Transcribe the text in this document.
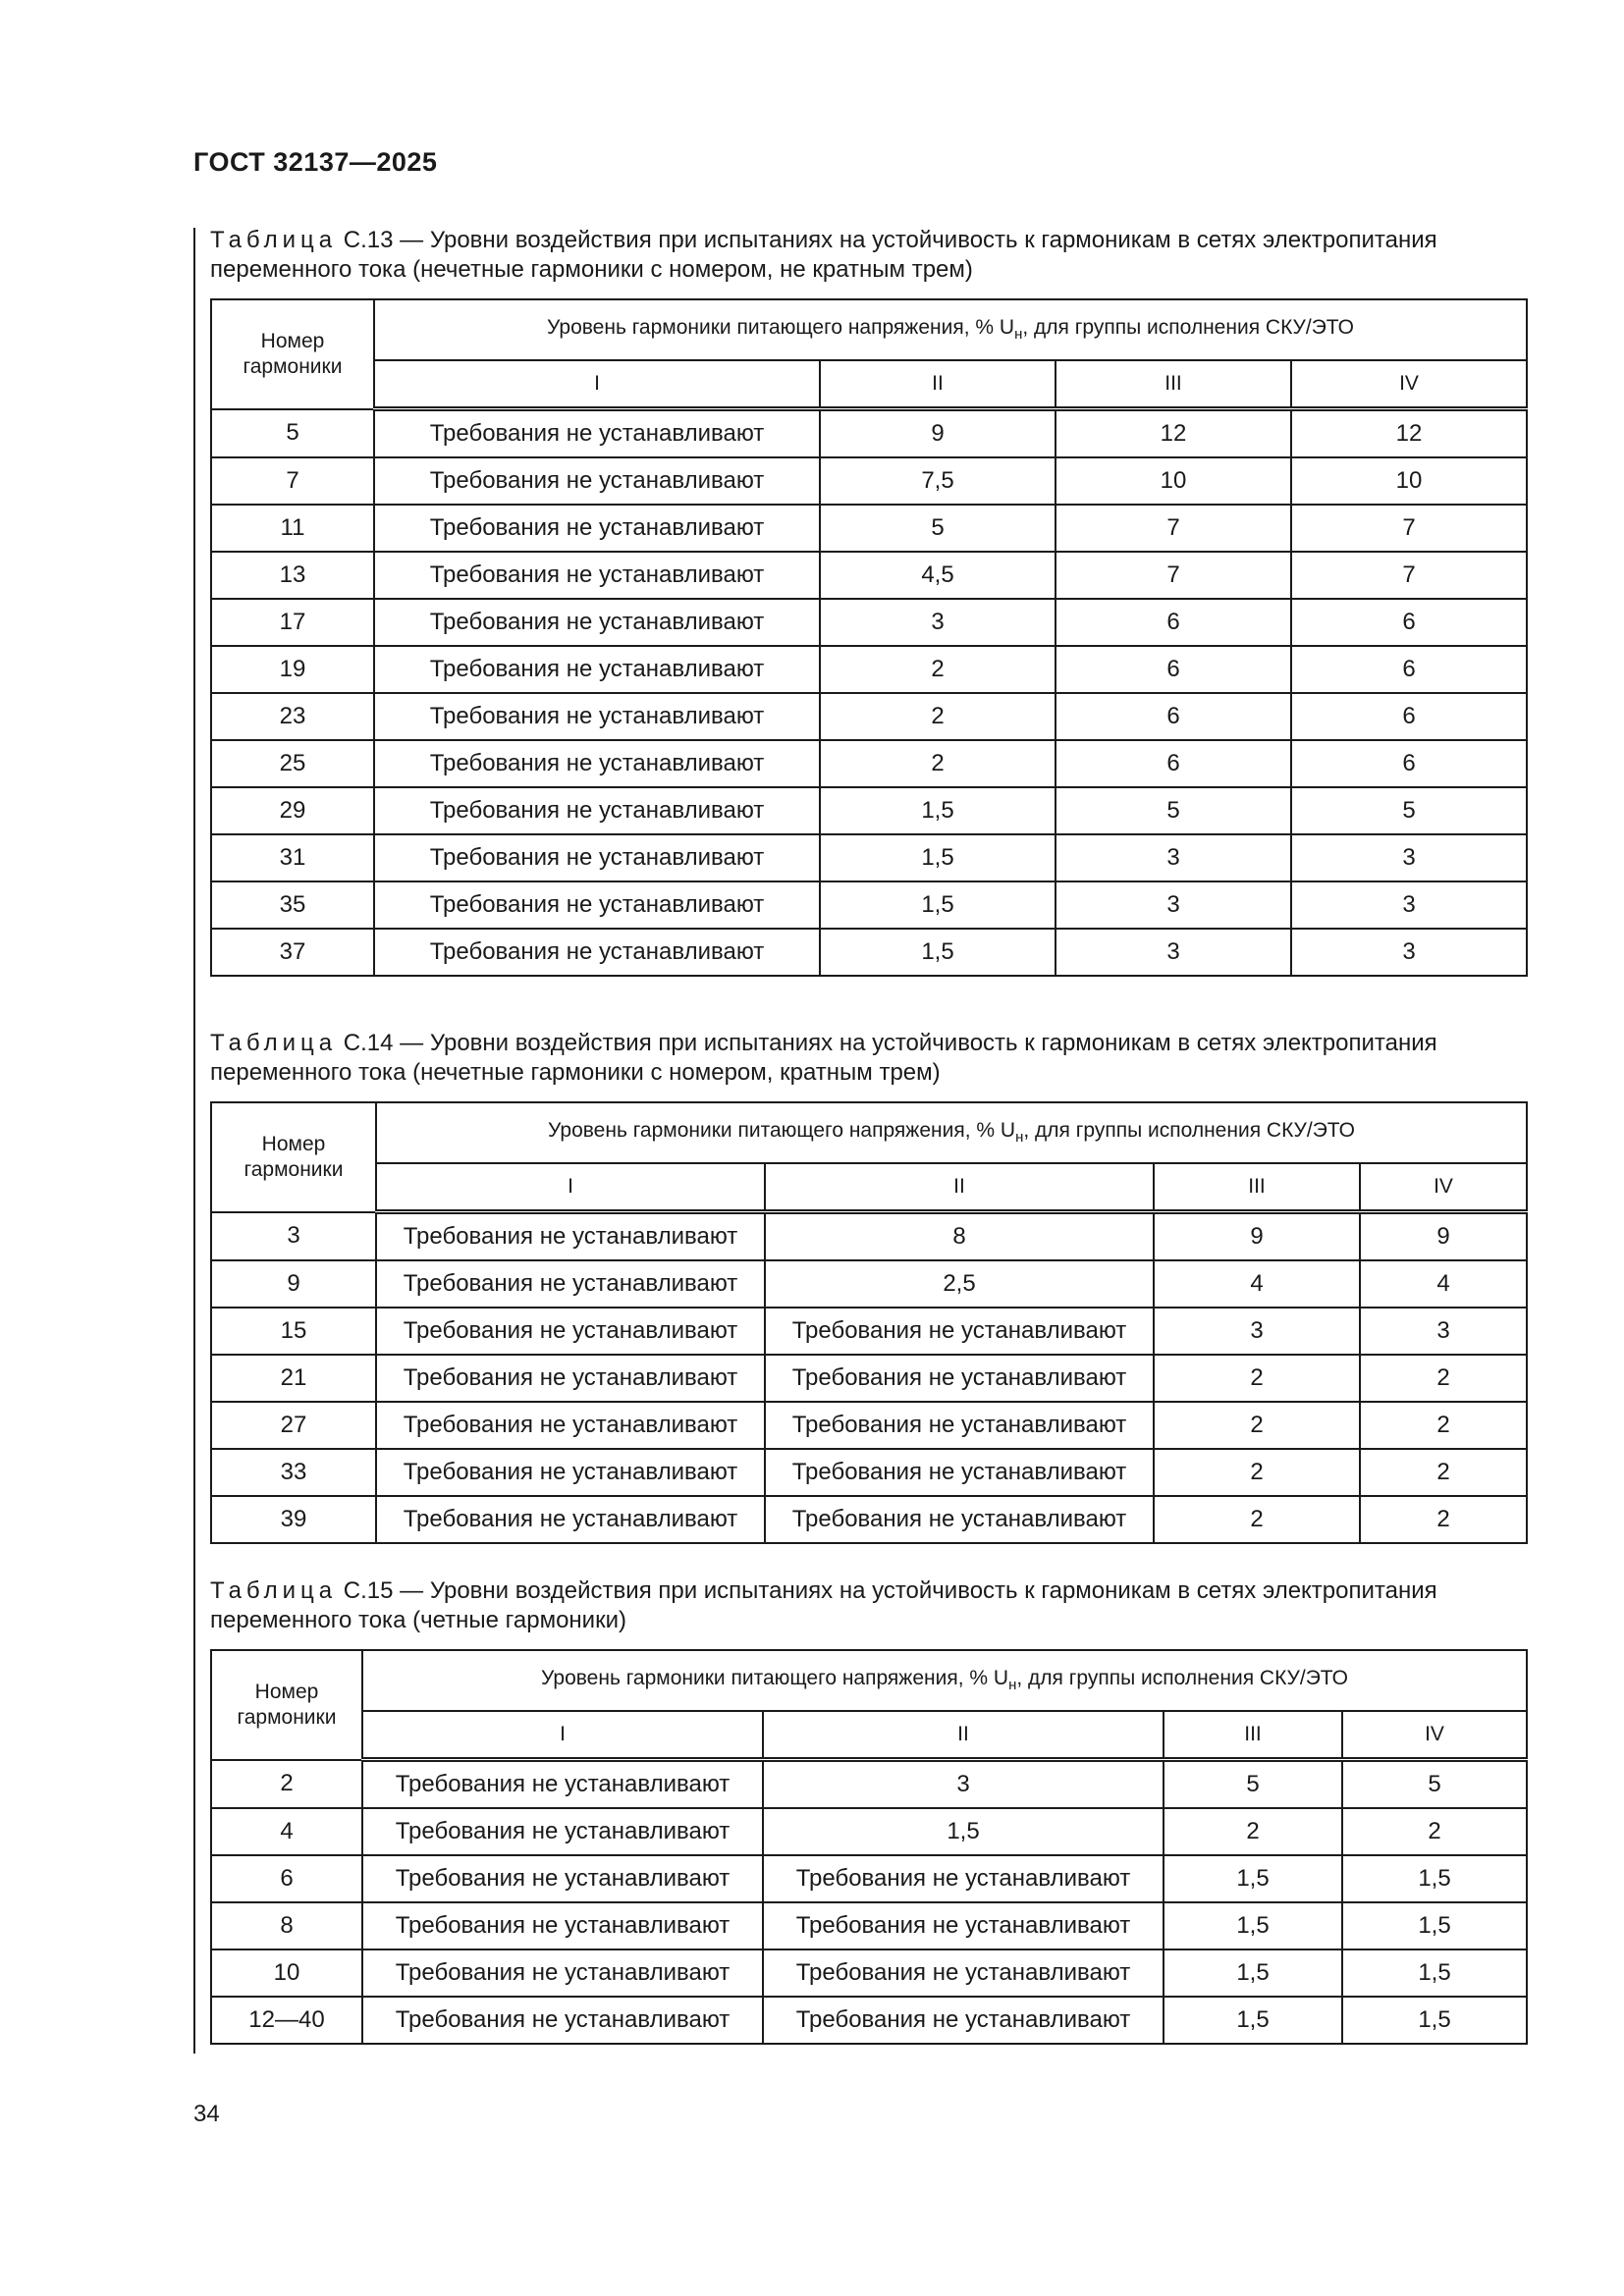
ГОСТ 32137—2025

Таблица С.13 — Уровни воздействия при испытаниях на устойчивость к гармоникам в сетях электропитания переменного тока (нечетные гармоники с номером, не кратным трем)

Номер гармоники	Уровень гармоники питающего напряжения, % $U_н$, для группы исполнения СКУ/ЭТО			
	I	II	III	IV
5	Требования не устанавливают	9	12	12
7	Требования не устанавливают	7,5	10	10
11	Требования не устанавливают	5	7	7
13	Требования не устанавливают	4,5	7	7
17	Требования не устанавливают	3	6	6
19	Требования не устанавливают	2	6	6
23	Требования не устанавливают	2	6	6
25	Требования не устанавливают	2	6	6
29	Требования не устанавливают	1,5	5	5
31	Требования не устанавливают	1,5	3	3
35	Требования не устанавливают	1,5	3	3
37	Требования не устанавливают	1,5	3	3

Таблица С.14 — Уровни воздействия при испытаниях на устойчивость к гармоникам в сетях электропитания переменного тока (нечетные гармоники с номером, кратным трем)

Номер гармоники	Уровень гармоники питающего напряжения, % $U_н$, для группы исполнения СКУ/ЭТО			
	I	II	III	IV
3	Требования не устанавливают	8	9	9
9	Требования не устанавливают	2,5	4	4
15	Требования не устанавливают	Требования не устанавливают	3	3
21	Требования не устанавливают	Требования не устанавливают	2	2
27	Требования не устанавливают	Требования не устанавливают	2	2
33	Требования не устанавливают	Требования не устанавливают	2	2
39	Требования не устанавливают	Требования не устанавливают	2	2

Таблица С.15 — Уровни воздействия при испытаниях на устойчивость к гармоникам в сетях электропитания переменного тока (четные гармоники)

Номер гармоники	Уровень гармоники питающего напряжения, % $U_н$, для группы исполнения СКУ/ЭТО			
	I	II	III	IV
2	Требования не устанавливают	3	5	5
4	Требования не устанавливают	1,5	2	2
6	Требования не устанавливают	Требования не устанавливают	1,5	1,5
8	Требования не устанавливают	Требования не устанавливают	1,5	1,5
10	Требования не устанавливают	Требования не устанавливают	1,5	1,5
12—40	Требования не устанавливают	Требования не устанавливают	1,5	1,5
34
